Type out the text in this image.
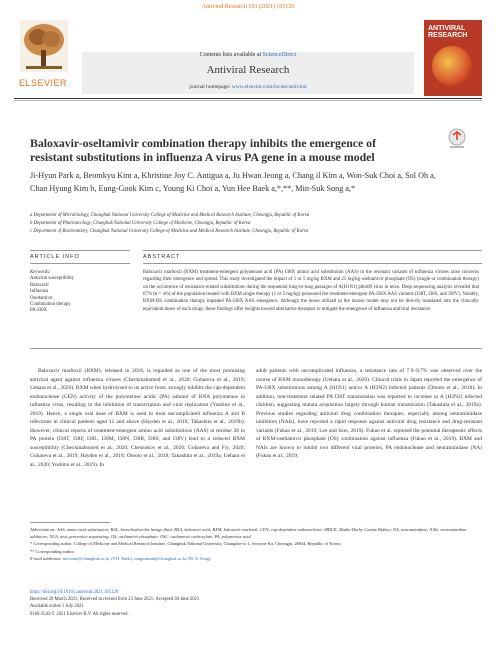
Antiviral Research 193 (2021) 105126
ELSEVIER
Contents lists available at ScienceDirect
Antiviral Research
journal homepage: www.elsevier.com/locate/antiviral
ANTIVIRAL
RESEARCH
Baloxavir-oseltamivir combination therapy inhibits the emergence of resistant substitutions in influenza A virus PA gene in a mouse model
Ji-Hyun Park a, Beomkyu Kim a, Khristine Joy C. Antigua a, Ju Hwan Jeong a, Chang il Kim a, Won-Suk Choi a, Sol Oh a, Chan Hyung Kim b, Eung-Gook Kim c, Young Ki Choi a, Yun Hee Baek a,*,**, Min-Suk Song a,*
a Department of Microbiology, Chungbuk National University College of Medicine and Medical Research Institute, Cheongju, Republic of Korea
b Department of Pharmacology, Chungbuk National University College of Medicine, Cheongju, Republic of Korea
c Department of Biochemistry, Chungbuk National University College of Medicine and Medical Research Institute, Cheongju, Republic of Korea
ARTICLE INFO	ABSTRACT
Keywords:
Antiviral susceptibility
Baloxavir
Influenza
Oseltamivir
Combination therapy
PA-I38X
Baloxavir marboxil (BXM) treatment-emergent polymerase acid (PA) I38X amino acid substitution (AAS) in the resistant variants of influenza viruses raise concerns regarding their emergence and spread. This study investigated the impact of 1 or 5 mg/kg BXM and 25 mg/kg oseltamivir phosphate (OS) (single or combination therapy) on the occurrence of resistance-related substitutions during the sequential lung-to-lung passages of A(H1N1) pdm09 virus in mice. Deep sequencing analysis revealed that 67% (n = 4/6) of the population treated with BXM single therapy (1 or 5 mg/kg) possessed the treatment-emergent PA-I38X AAS variants (I38T, I38S, and I38V). Notably, BXM-OS combination therapy impeded PA-I38X AAS emergence. Although the doses utilized in the mouse model may not be directly translated into the clinically equivalent doses of each drugs, these findings offer insights toward alternative therapies to mitigate the emergence of influenza antiviral resistance.
Baloxavir marboxil (BXM), released in 2018, is regarded as one of the most promising antiviral agent against influenza viruses (Checkmahomed et al., 2020; Gubareva et al., 2019; Uehara et al., 2020). BXM when hydrolysed to its active form, strongly inhibits the cap-dependent endonuclease (CEN) activity of the polymerase acidic (PA) subunit of RNA polymerase in influenza virus, resulting in the inhibition of transcription and viral replication (Yoshino et al., 2019). Hence, a single oral dose of BXM is used to treat uncomplicated influenza A and B infections in clinical patients aged 12 and above (Hayden et al., 2018; Takashita et al., 2019b). However, clinical reports of treatment-emergent amino acid substitutions (AAS) at residue 38 in PA protein (I38T, I38F, I38L, I38M, I38N, I38R, I38S, and I38V) lead to a reduced BXM susceptibility (Checkmahomed et al., 2020; Chesnokov et al., 2020; Gubareva and Fry, 2020; Gubareva et al., 2019; Hayden et al., 2018; Omoto et al., 2018; Takashita et al., 2019a; Uehara et al., 2020; Yoshino et al., 2019). In
adult patients with uncomplicated influenza, a resistance rate of 7.9–9.7% was observed over the course of BXM monotherapy (Uehara et al., 2020). Clinical trials in Japan reported the emergence of PA-I38X substitutions among A (H1N1) and/or A (H3N2) infected patients (Omoto et al., 2018). In addition, non-treatment related PA I38T transmission was reported to increase in A (H3N2) infected children, suggesting mutant acquisition largely through human transmission (Takashita et al., 2019a). Previous studies regarding antiviral drug combination therapies, especially among neuraminidase inhibitors (NAIs), have reported a rapid response against antiviral drug resistance and drug-resistant variants (Fukao et al., 2019; Lee and Ison, 2019). Fukao et al. reported the potential therapeutic effects of BXM-oseltamivir phosphate (OS) combination against influenza (Fukao et al., 2019). BXM and NAIs are known to inhibit two different viral proteins, PA endonuclease and neuraminidase (NA) (Fukao et al., 2019;
Abbreviations: AAS, amino acid substitution; BAL, bronchoalveolar lavage fluid; BXA, baloxavir acid; BXM, baloxavir marboxil; CEN, cap-dependent endonuclease; MDCK, Madin-Darby Canine Kidney; NA, neuraminidase; NAIs, neuraminidase inhibitors; NGS, next generation sequencing; OS, oseltamivir phosphate; OSC, oseltamivir carboxylate; PA, polymerase acid.
* Corresponding author. College of Medicine and Medical Research Institute, Chungbuk National University, Chungdae-ro 1, Seowon-Ku, Cheongju, 28644, Republic of Korea.
** Corresponding author.
E-mail addresses: microuni@chungbuk.ac.kr (Y.H. Baek), songminsuk@chungbuk.ac.kr (M.-S. Song).
https://doi.org/10.1016/j.antiviral.2021.105126
Received 20 March 2021; Received in revised form 23 June 2021; Accepted 30 June 2021
Available online 1 July 2021
0166-3542/© 2021 Elsevier B.V. All rights reserved.
